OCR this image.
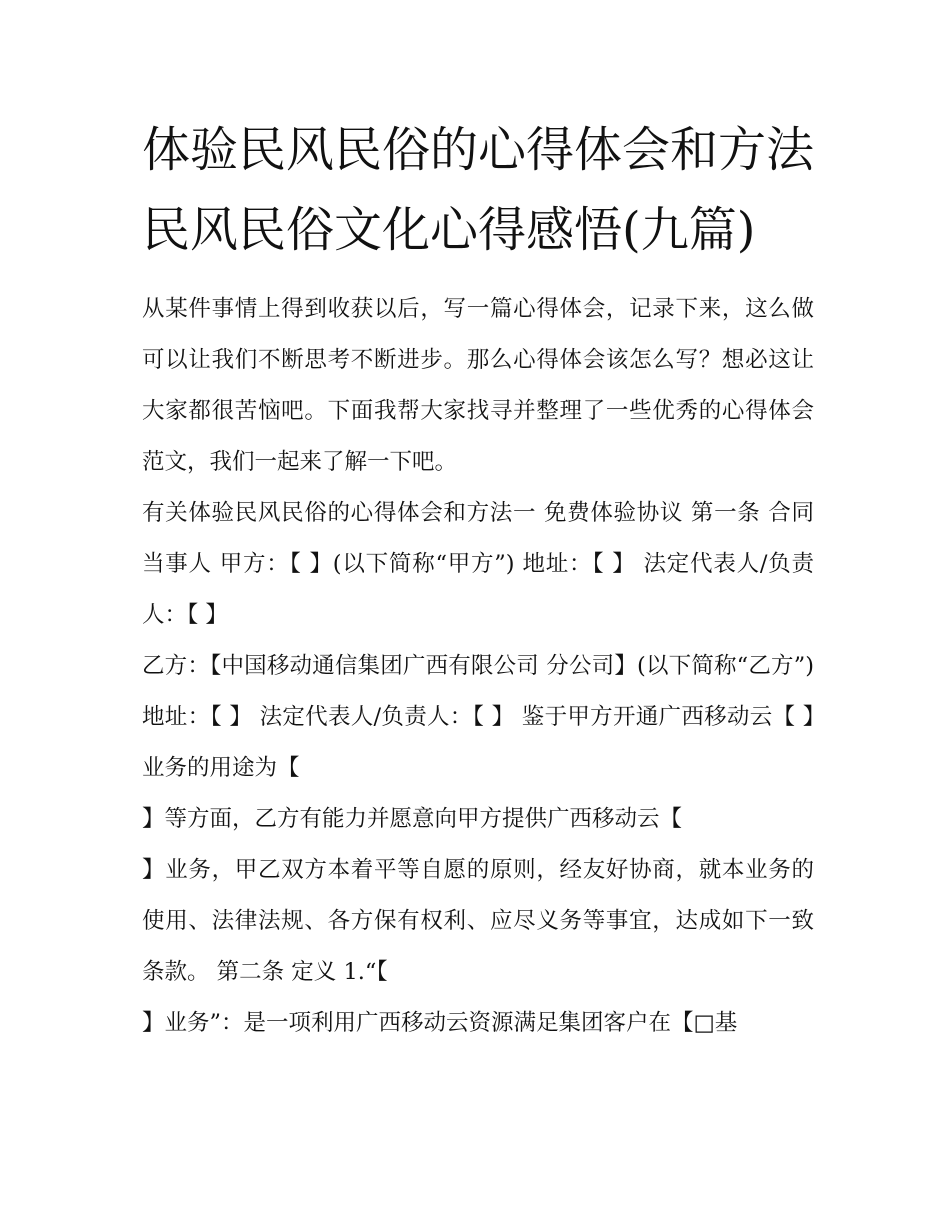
体验民风民俗的心得体会和方法 民风民俗文化心得感悟(九篇)

从某件事情上得到收获以后，写一篇心得体会，记录下来，这么做可以让我们不断思考不断进步。那么心得体会该怎么写？想必这让大家都很苦恼吧。下面我帮大家找寻并整理了一些优秀的心得体会范文，我们一起来了解一下吧。

有关体验民风民俗的心得体会和方法一 免费体验协议 第一条 合同当事人 甲方：【 】(以下简称“甲方”) 地址：【 】 法定代表人/负责人：【 】

乙方：【中国移动通信集团广西有限公司 分公司】(以下简称“乙方”) 地址：【 】 法定代表人/负责人：【 】 鉴于甲方开通广西移动云【 】业务的用途为【

】等方面，乙方有能力并愿意向甲方提供广西移动云【

】业务，甲乙双方本着平等自愿的原则，经友好协商，就本业务的使用、法律法规、各方保有权利、应尽义务等事宜，达成如下一致条款。 第二条 定义 1.“【

】业务”：是一项利用广西移动云资源满足集团客户在【□基
